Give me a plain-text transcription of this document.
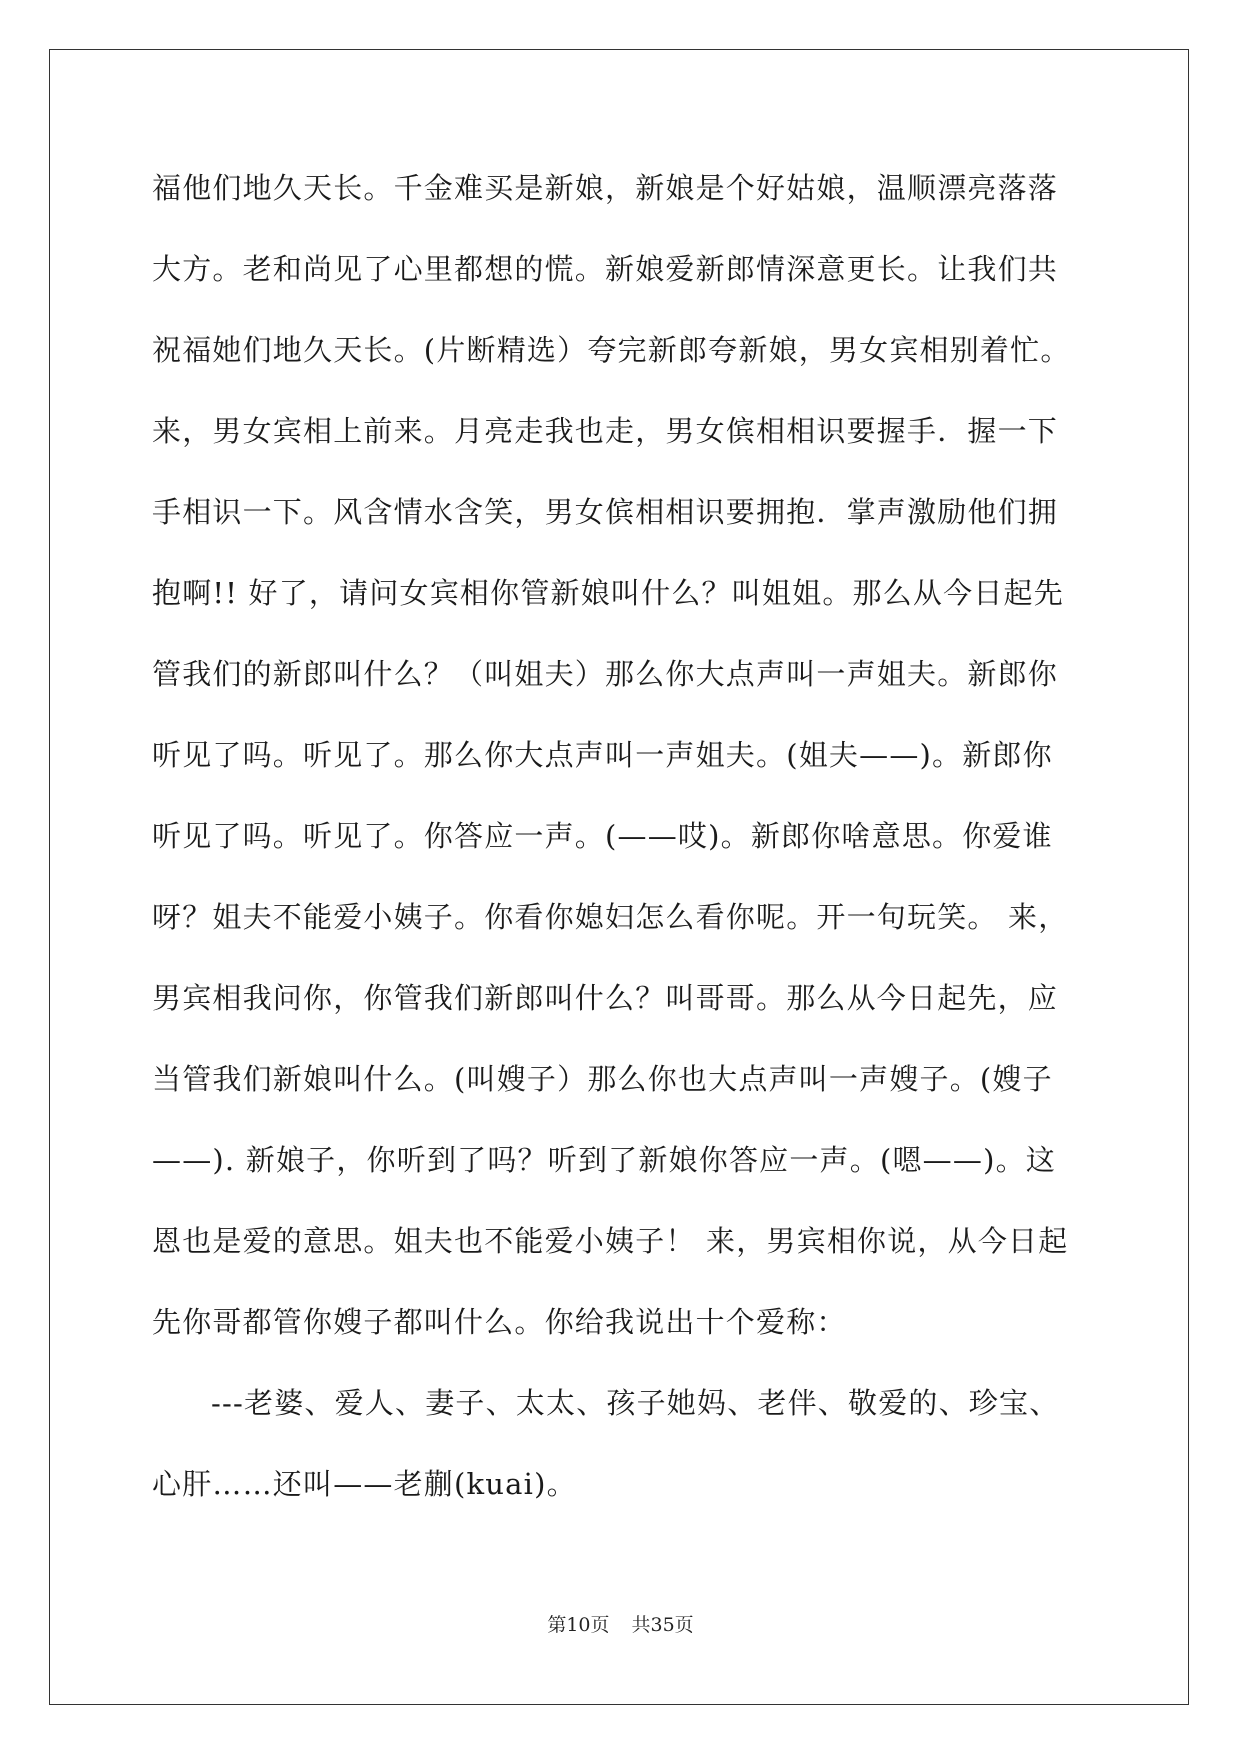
福他们地久天长。千金难买是新娘，新娘是个好姑娘，温顺漂亮落落
大方。老和尚见了心里都想的慌。新娘爱新郎情深意更长。让我们共
祝福她们地久天长。(片断精选）夸完新郎夸新娘，男女宾相别着忙。
来，男女宾相上前来。月亮走我也走，男女傧相相识要握手．握一下
手相识一下。风含情水含笑，男女傧相相识要拥抱．掌声激励他们拥
抱啊!! 好了，请问女宾相你管新娘叫什么？叫姐姐。那么从今日起先
管我们的新郎叫什么？（叫姐夫）那么你大点声叫一声姐夫。新郎你
听见了吗。听见了。那么你大点声叫一声姐夫。(姐夫——)。新郎你
听见了吗。听见了。你答应一声。(——哎)。新郎你啥意思。你爱谁
呀？姐夫不能爱小姨子。你看你媳妇怎么看你呢。开一句玩笑。 来，
男宾相我问你，你管我们新郎叫什么？叫哥哥。那么从今日起先，应
当管我们新娘叫什么。(叫嫂子）那么你也大点声叫一声嫂子。(嫂子
——). 新娘子，你听到了吗？听到了新娘你答应一声。(嗯——)。这
恩也是爱的意思。姐夫也不能爱小姨子！ 来，男宾相你说，从今日起
先你哥都管你嫂子都叫什么。你给我说出十个爱称：
---老婆、爱人、妻子、太太、孩子她妈、老伴、敬爱的、珍宝、
心肝……还叫——老蒯(kuai)。
第10页 共35页
